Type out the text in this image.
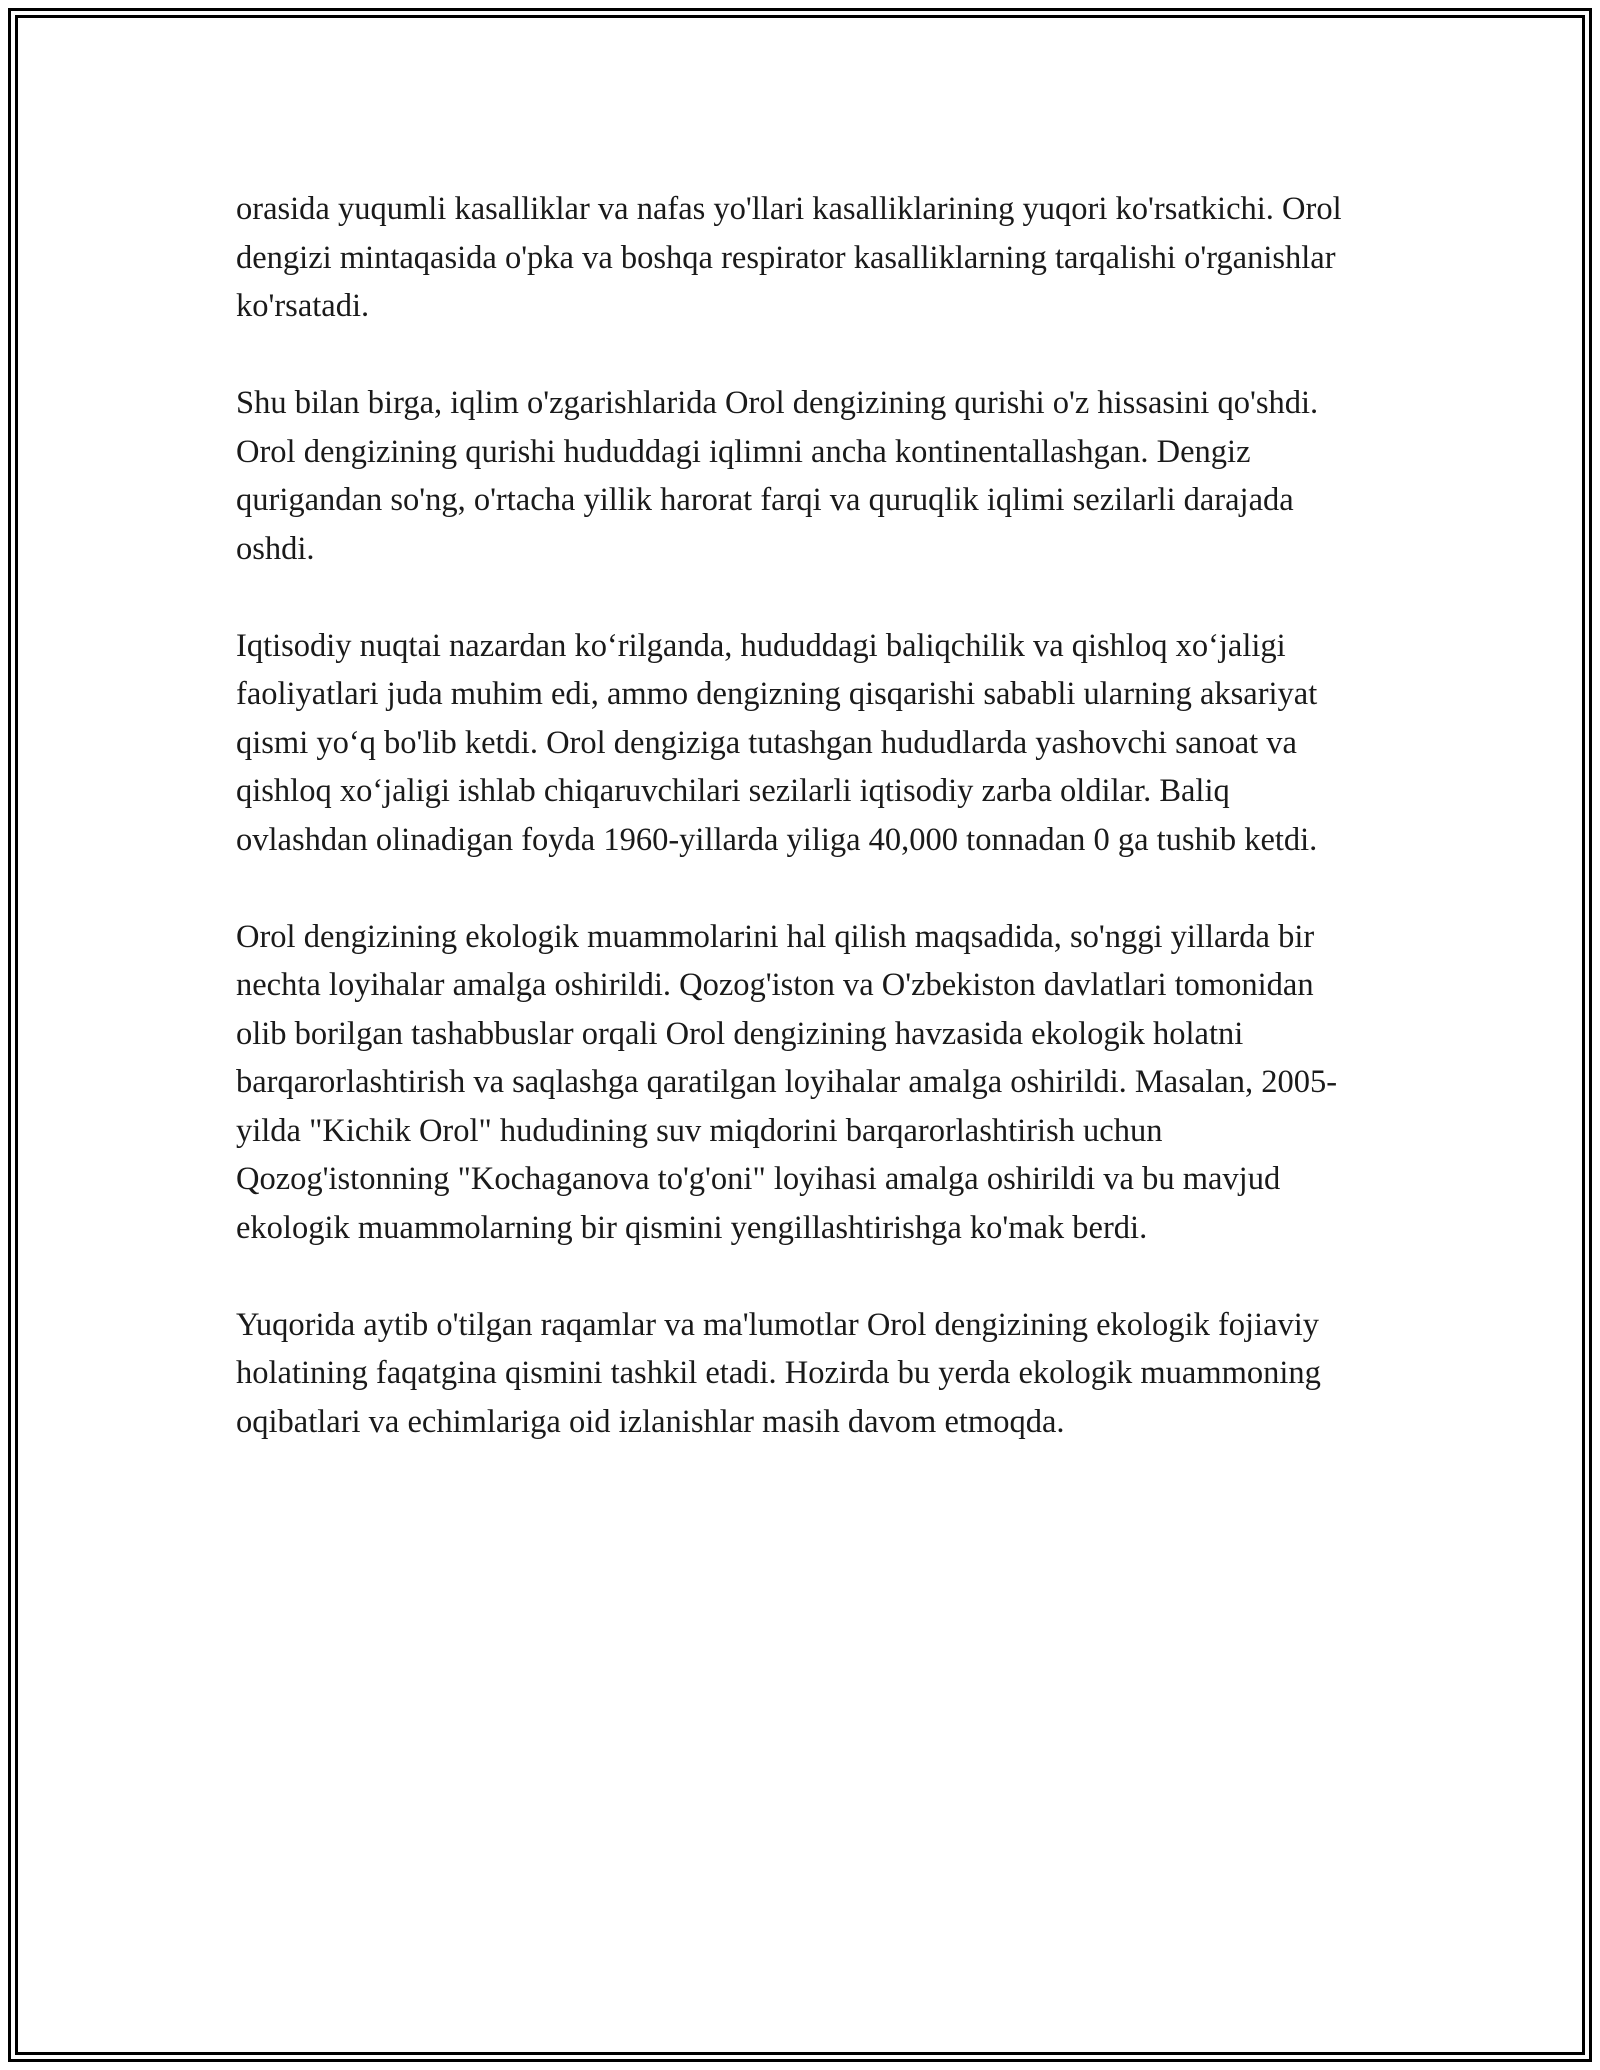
orasida yuqumli kasalliklar va nafas yo'llari kasalliklarining yuqori ko'rsatkichi. Orol dengizi mintaqasida o'pka va boshqa respirator kasalliklarning tarqalishi o'rganishlar ko'rsatadi.

Shu bilan birga, iqlim o'zgarishlarida Orol dengizining qurishi o'z hissasini qo'shdi. Orol dengizining qurishi hududdagi iqlimni ancha kontinentallashgan. Dengiz qurigandan so'ng, o'rtacha yillik harorat farqi va quruqlik iqlimi sezilarli darajada oshdi.

Iqtisodiy nuqtai nazardan koʻrilganda, hududdagi baliqchilik va qishloq xoʻjaligi faoliyatlari juda muhim edi, ammo dengizning qisqarishi sababli ularning aksariyat qismi yoʻq bo'lib ketdi. Orol dengiziga tutashgan hududlarda yashovchi sanoat va qishloq xoʻjaligi ishlab chiqaruvchilari sezilarli iqtisodiy zarba oldilar. Baliq ovlashdan olinadigan foyda 1960-yillarda yiliga 40,000 tonnadan 0 ga tushib ketdi.

Orol dengizining ekologik muammolarini hal qilish maqsadida, so'nggi yillarda bir nechta loyihalar amalga oshirildi. Qozog'iston va O'zbekiston davlatlari tomonidan olib borilgan tashabbuslar orqali Orol dengizining havzasida ekologik holatni barqarorlashtirish va saqlashga qaratilgan loyihalar amalga oshirildi. Masalan, 2005-yilda "Kichik Orol" hududining suv miqdorini barqarorlashtirish uchun Qozog'istonning "Kochaganova to'g'oni" loyihasi amalga oshirildi va bu mavjud ekologik muammolarning bir qismini yengillashtirishga ko'mak berdi.

Yuqorida aytib o'tilgan raqamlar va ma'lumotlar Orol dengizining ekologik fojiaviy holatining faqatgina qismini tashkil etadi. Hozirda bu yerda ekologik muammoning oqibatlari va echimlariga oid izlanishlar masih davom etmoqda.
